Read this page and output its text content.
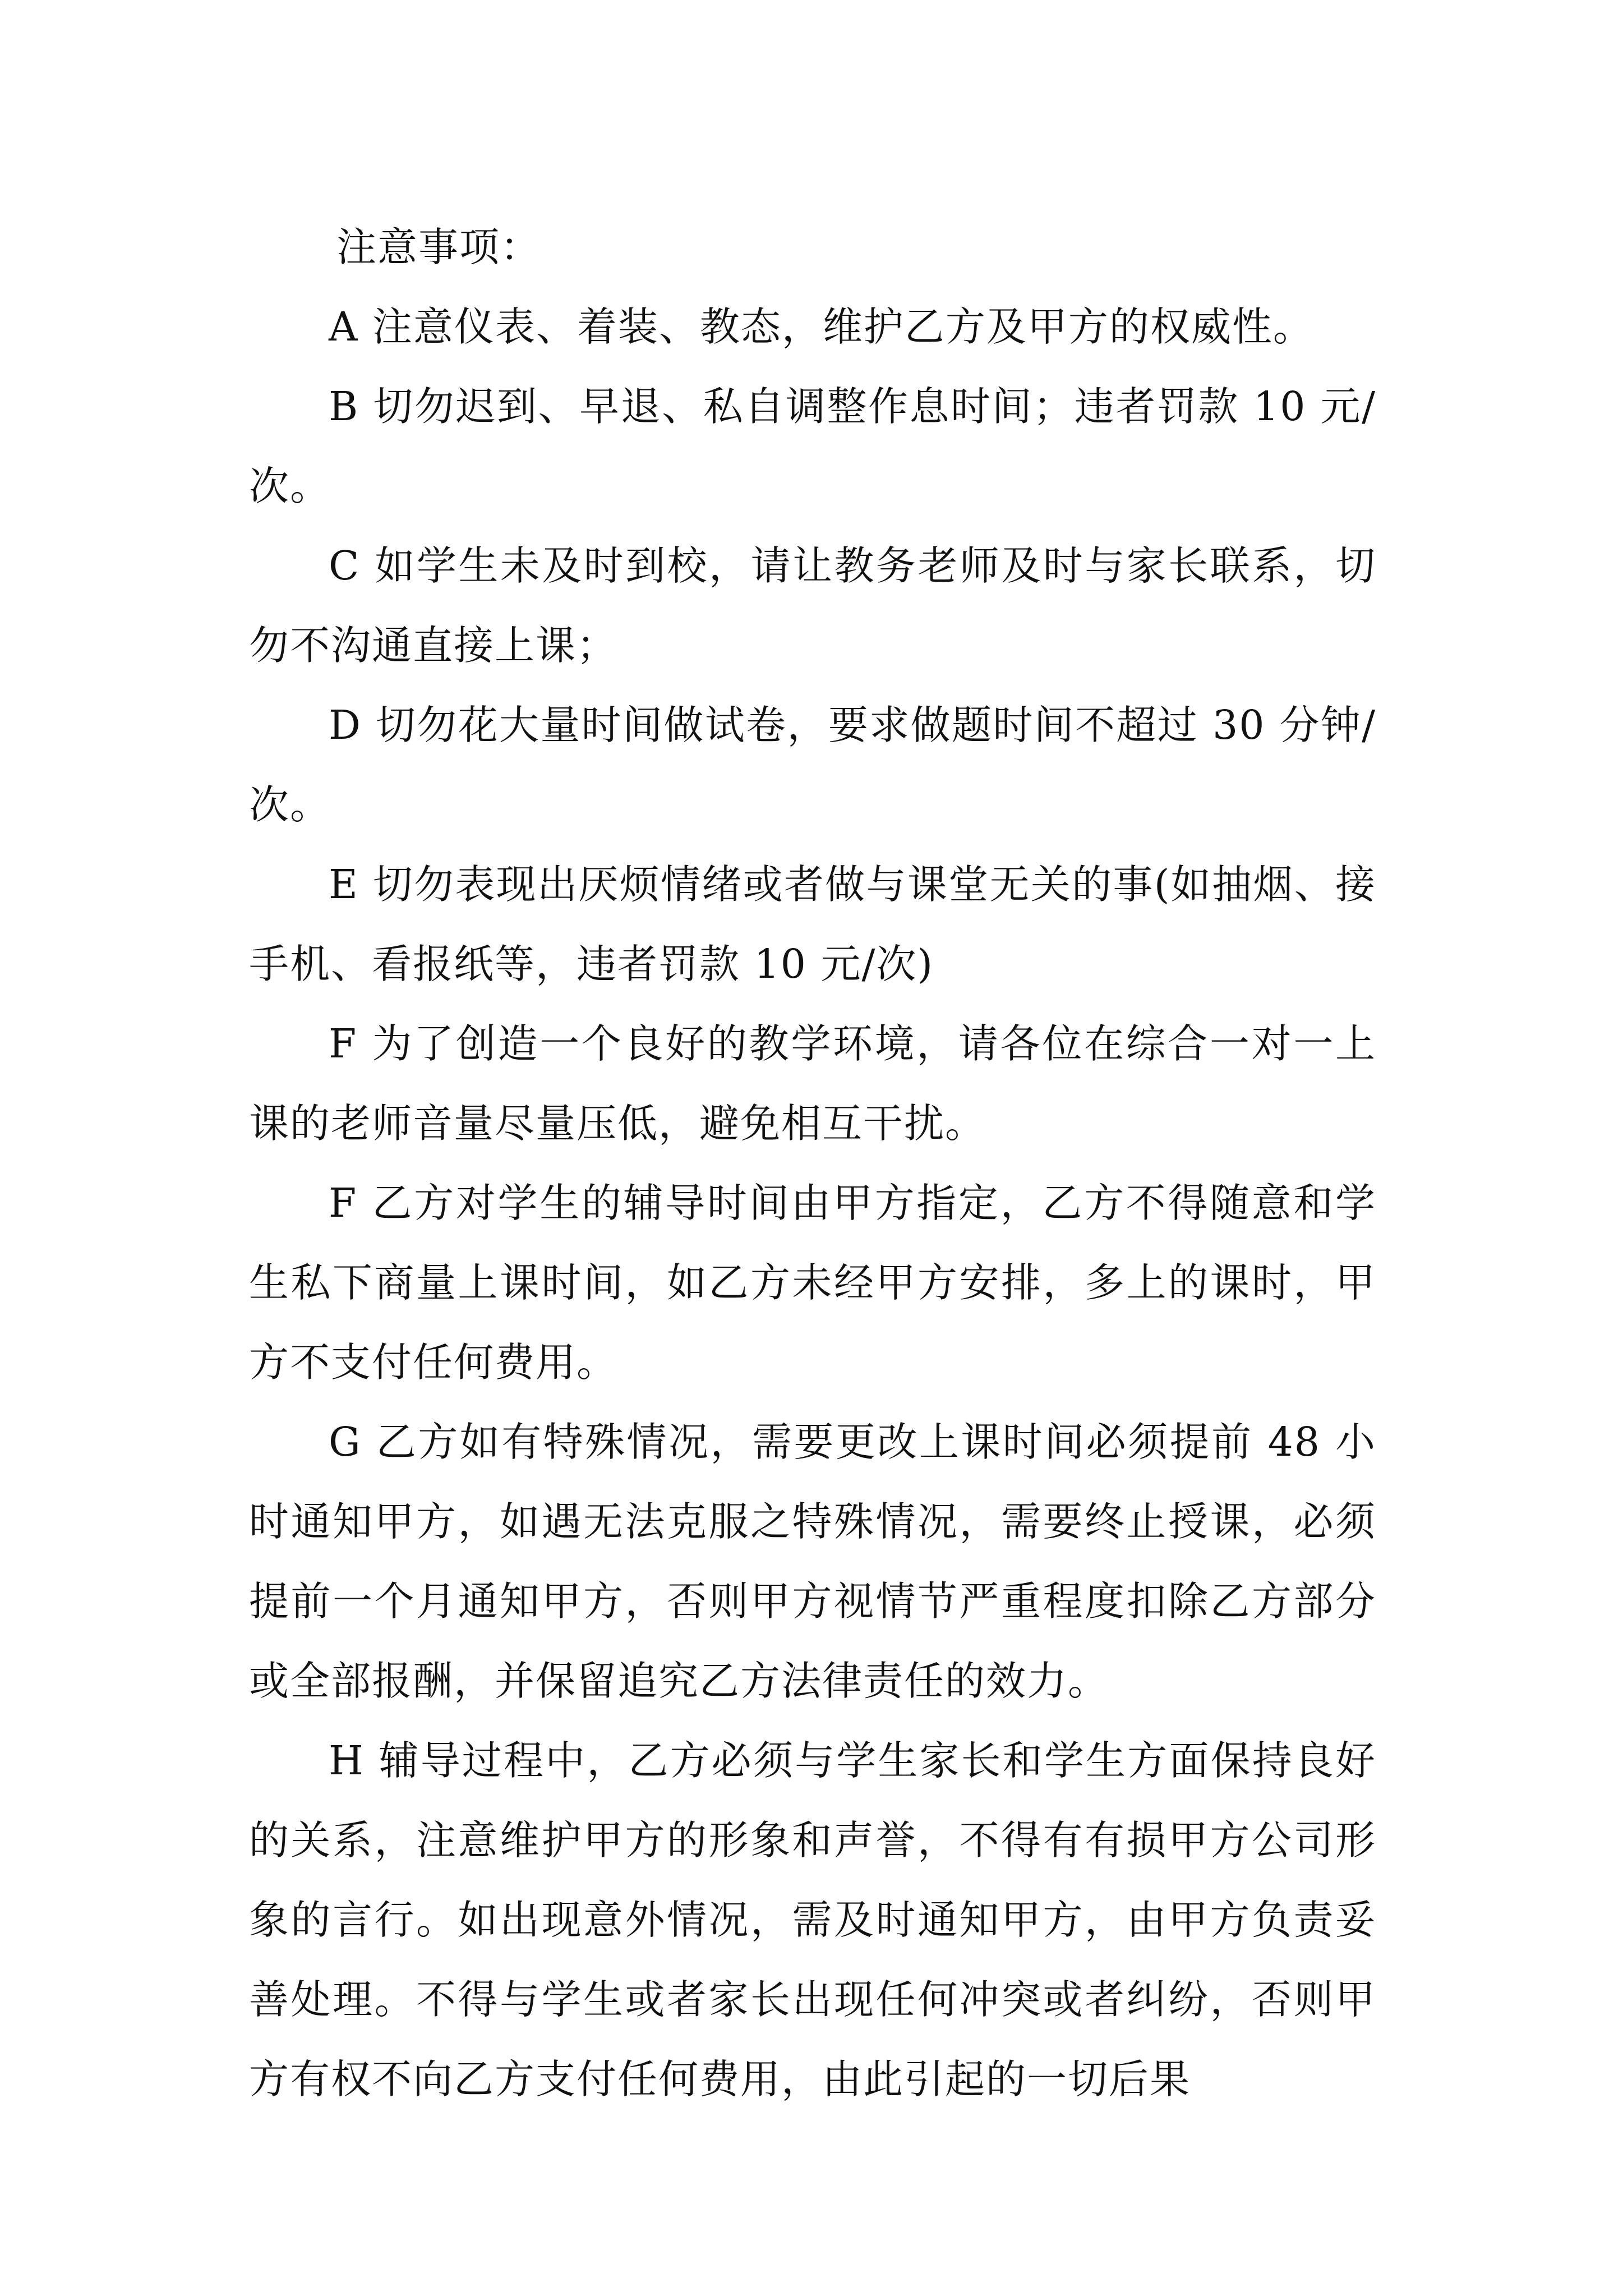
注意事项：

A 注意仪表、着装、教态，维护乙方及甲方的权威性。

B 切勿迟到、早退、私自调整作息时间；违者罚款 10 元/次。

C 如学生未及时到校，请让教务老师及时与家长联系，切勿不沟通直接上课；

D 切勿花大量时间做试卷，要求做题时间不超过 30 分钟/次。

E 切勿表现出厌烦情绪或者做与课堂无关的事(如抽烟、接手机、看报纸等，违者罚款 10 元/次)

F 为了创造一个良好的教学环境，请各位在综合一对一上课的老师音量尽量压低，避免相互干扰。

F 乙方对学生的辅导时间由甲方指定，乙方不得随意和学生私下商量上课时间，如乙方未经甲方安排，多上的课时，甲方不支付任何费用。

G 乙方如有特殊情况，需要更改上课时间必须提前 48 小时通知甲方，如遇无法克服之特殊情况，需要终止授课，必须提前一个月通知甲方，否则甲方视情节严重程度扣除乙方部分或全部报酬，并保留追究乙方法律责任的效力。

H 辅导过程中，乙方必须与学生家长和学生方面保持良好的关系，注意维护甲方的形象和声誉，不得有有损甲方公司形象的言行。如出现意外情况，需及时通知甲方，由甲方负责妥善处理。不得与学生或者家长出现任何冲突或者纠纷，否则甲方有权不向乙方支付任何费用，由此引起的一切后果
